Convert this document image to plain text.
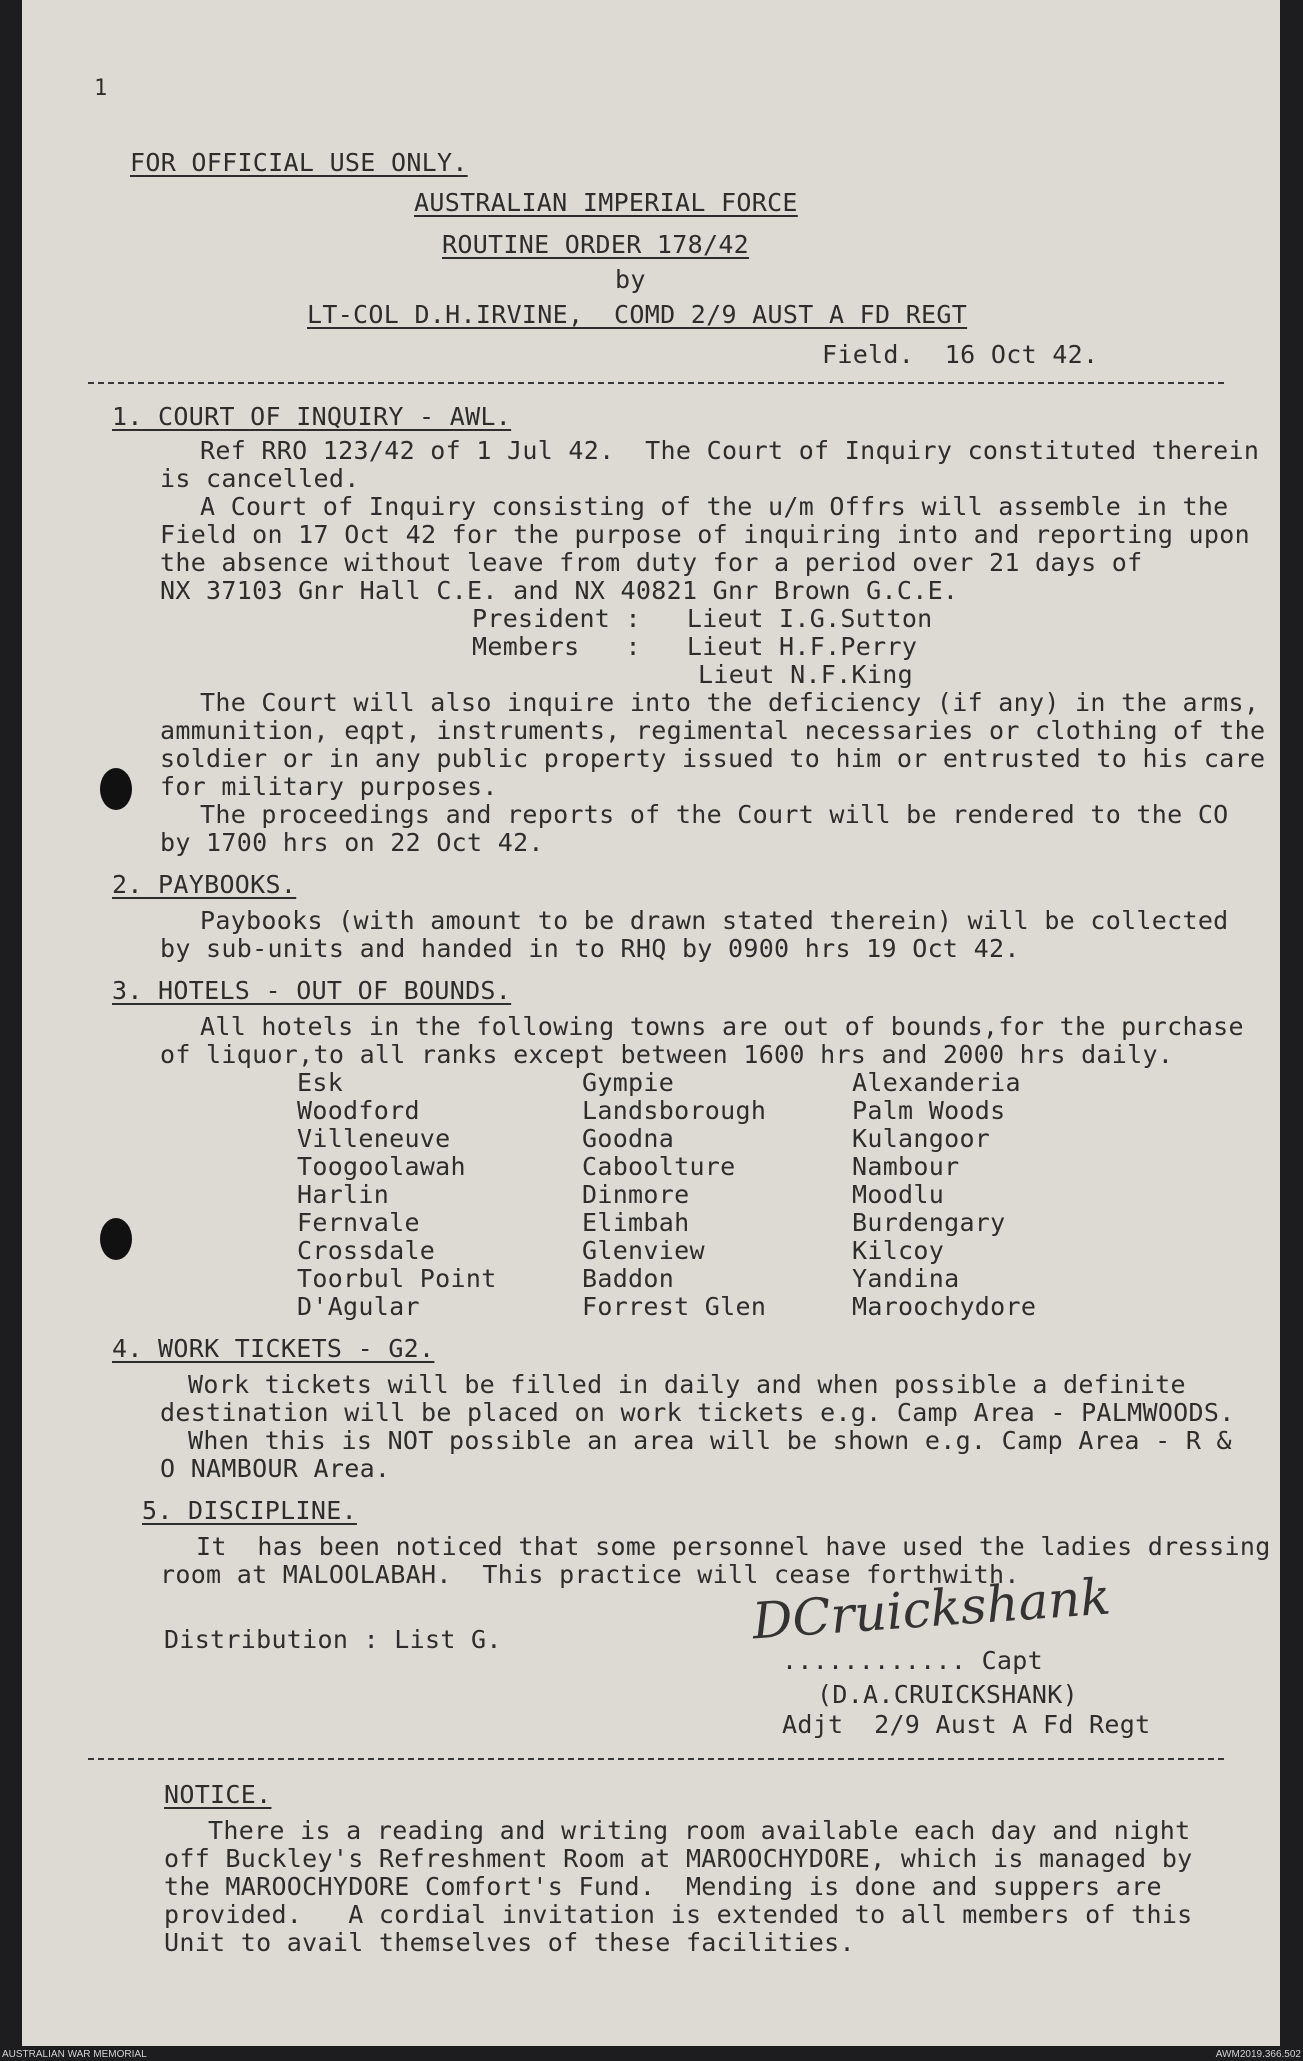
1
FOR OFFICIAL USE ONLY.
AUSTRALIAN IMPERIAL FORCE
ROUTINE ORDER 178/42
by
LT-COL D.H.IRVINE,  COMD 2/9 AUST A FD REGT
Field.  16 Oct 42.
1. COURT OF INQUIRY - AWL.
Ref RRO 123/42 of 1 Jul 42.  The Court of Inquiry constituted therein
is cancelled.
A Court of Inquiry consisting of the u/m Offrs will assemble in the
Field on 17 Oct 42 for the purpose of inquiring into and reporting upon
the absence without leave from duty for a period over 21 days of
NX 37103 Gnr Hall C.E. and NX 40821 Gnr Brown G.C.E.
President :   Lieut I.G.Sutton
Members   :   Lieut H.F.Perry
Lieut N.F.King
The Court will also inquire into the deficiency (if any) in the arms,
ammunition, eqpt, instruments, regimental necessaries or clothing of the
soldier or in any public property issued to him or entrusted to his care
for military purposes.
The proceedings and reports of the Court will be rendered to the CO
by 1700 hrs on 22 Oct 42.
2. PAYBOOKS.
Paybooks (with amount to be drawn stated therein) will be collected
by sub-units and handed in to RHQ by 0900 hrs 19 Oct 42.
3. HOTELS - OUT OF BOUNDS.
All hotels in the following towns are out of bounds,for the purchase
of liquor,to all ranks except between 1600 hrs and 2000 hrs daily.
Esk
Woodford
Villeneuve
Toogoolawah
Harlin
Fernvale
Crossdale
Toorbul Point
D'Agular
Gympie
Landsborough
Goodna
Caboolture
Dinmore
Elimbah
Glenview
Baddon
Forrest Glen
Alexanderia
Palm Woods
Kulangoor
Nambour
Moodlu
Burdengary
Kilcoy
Yandina
Maroochydore
4. WORK TICKETS - G2.
Work tickets will be filled in daily and when possible a definite
destination will be placed on work tickets e.g. Camp Area - PALMWOODS.
When this is NOT possible an area will be shown e.g. Camp Area - R &
O NAMBOUR Area.
5. DISCIPLINE.
It  has been noticed that some personnel have used the ladies dressing
room at MALOOLABAH.  This practice will cease forthwith.
Distribution : List G.	DCruickshank
............ Capt
(D.A.CRUICKSHANK)
Adjt  2/9 Aust A Fd Regt
NOTICE.
There is a reading and writing room available each day and night
off Buckley's Refreshment Room at MAROOCHYDORE, which is managed by
the MAROOCHYDORE Comfort's Fund.  Mending is done and suppers are
provided.   A cordial invitation is extended to all members of this
Unit to avail themselves of these facilities.
AUSTRALIAN WAR MEMORIAL	AWM2019.366.502
